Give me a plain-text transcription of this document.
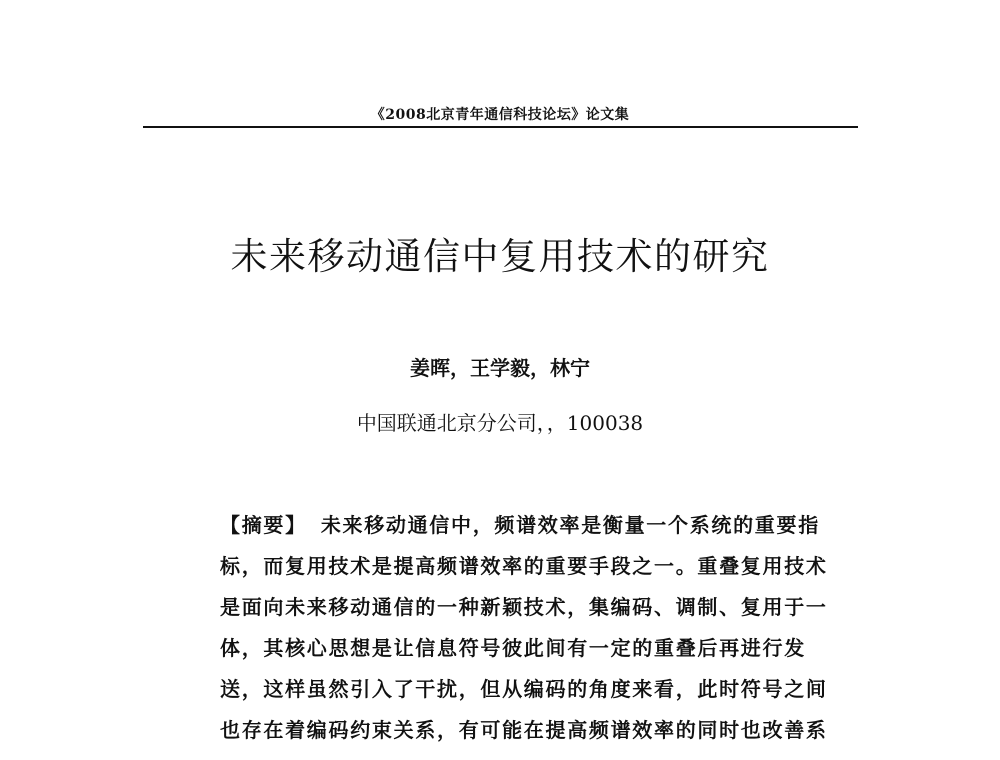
《2008北京青年通信科技论坛》论文集
未来移动通信中复用技术的研究
姜晖，王学毅，林宁
中国联通北京分公司，，100038
【摘要】 未来移动通信中，频谱效率是衡量一个系统的重要指
标，而复用技术是提高频谱效率的重要手段之一。重叠复用技术
是面向未来移动通信的一种新颖技术，集编码、调制、复用于一
体，其核心思想是让信息符号彼此间有一定的重叠后再进行发
送，这样虽然引入了干扰，但从编码的角度来看，此时符号之间
也存在着编码约束关系，有可能在提高频谱效率的同时也改善系
